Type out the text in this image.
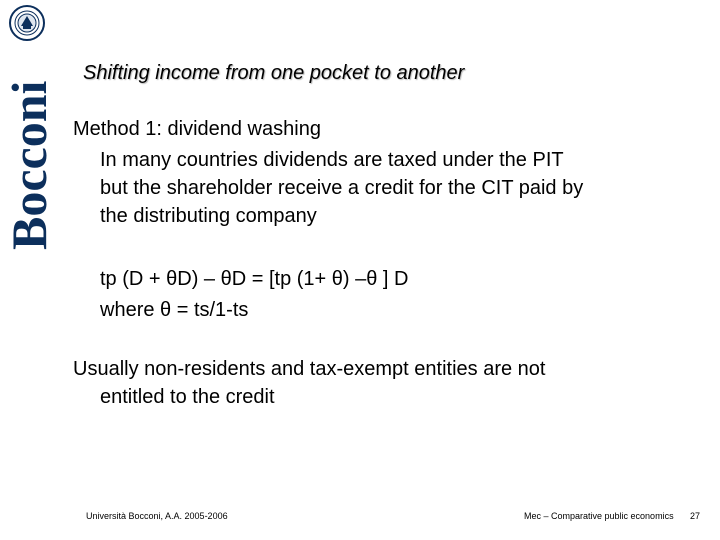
Bocconi
Shifting income from one pocket to another
Method 1: dividend washing
In many countries dividends are taxed under the PIT
but the shareholder receive a credit for the CIT paid by
the distributing company
tp (D + θD) – θD = [tp (1+ θ) –θ ] D
where θ = ts/1-ts
Usually non-residents and tax-exempt entities are not
entitled to the credit
Università Bocconi, A.A. 2005-2006	Mec – Comparative public economics 27
